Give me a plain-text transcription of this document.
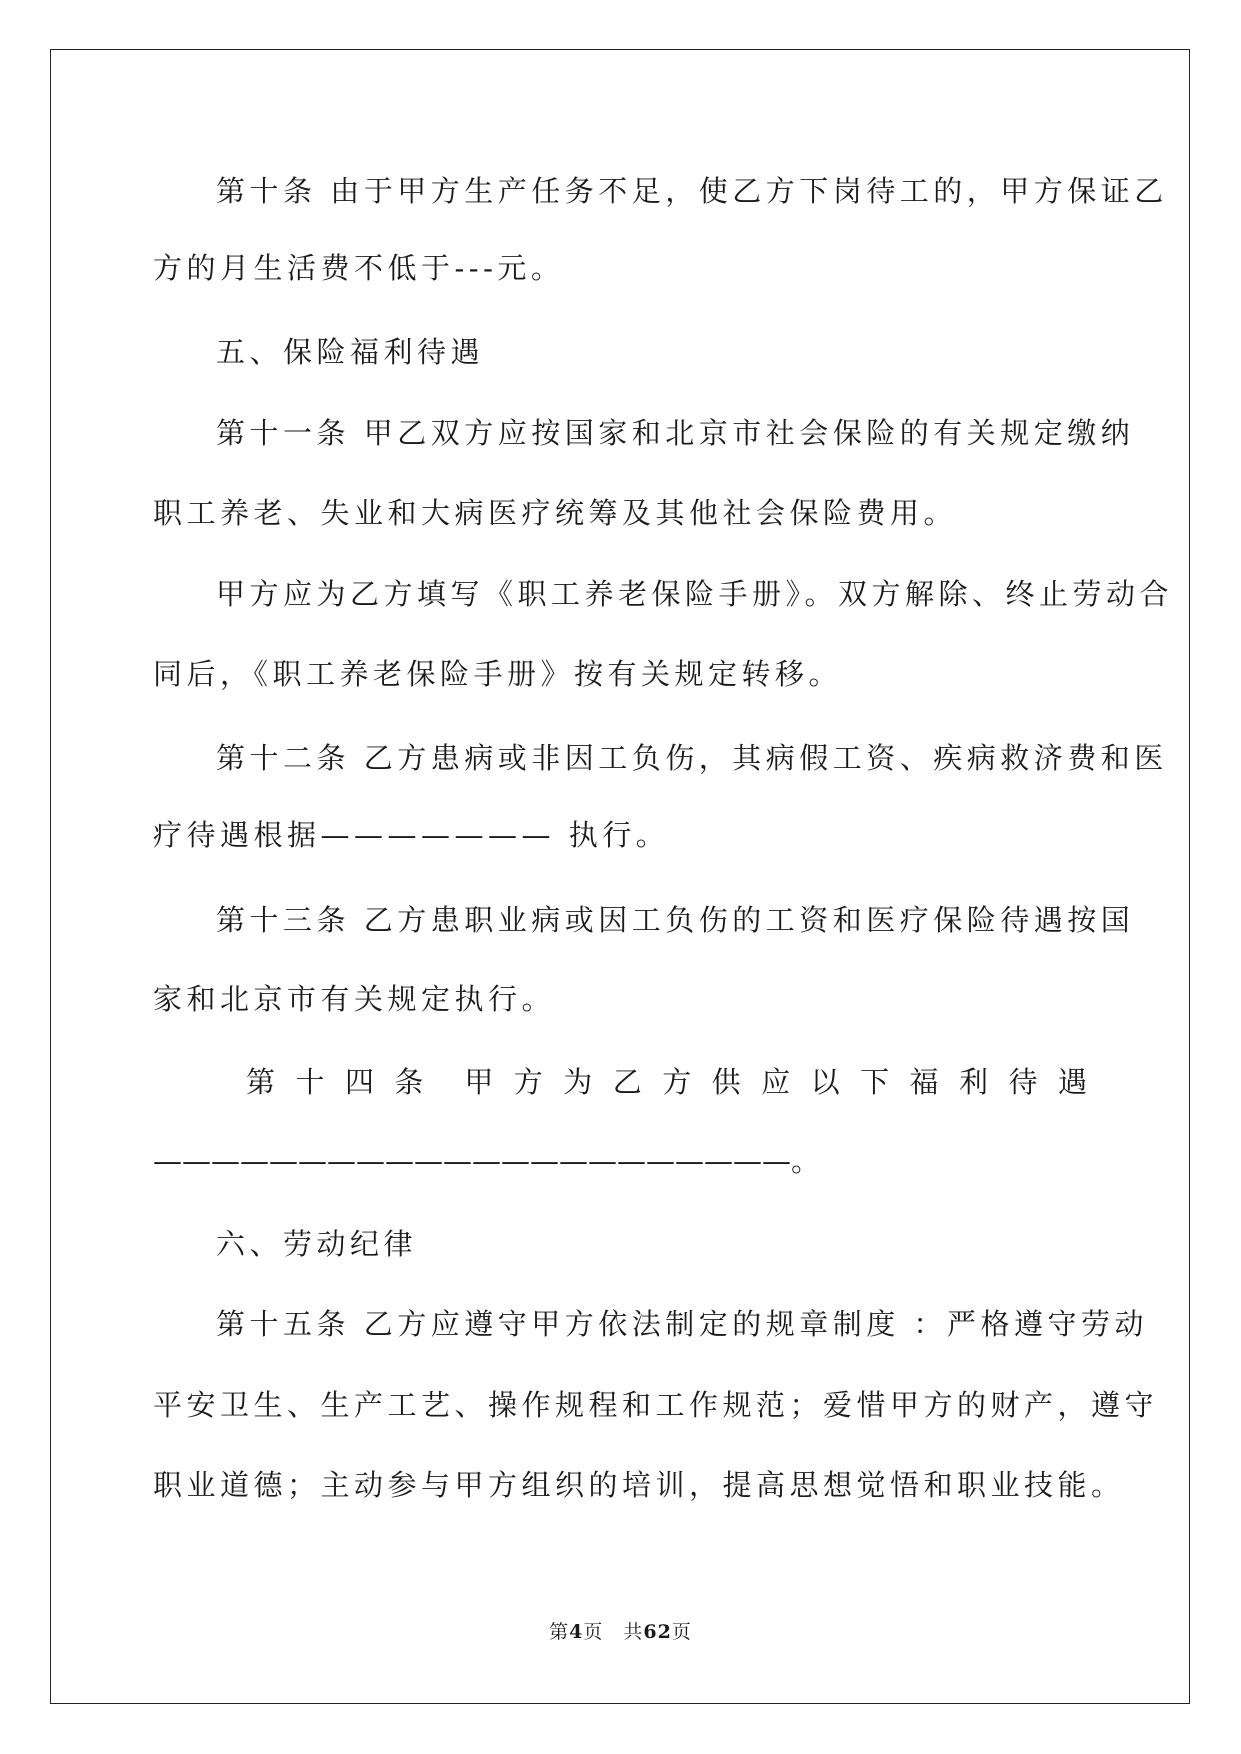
第十条 由于甲方生产任务不足，使乙方下岗待工的，甲方保证乙
方的月生活费不低于---元。
五、保险福利待遇
第十一条 甲乙双方应按国家和北京市社会保险的有关规定缴纳
职工养老、失业和大病医疗统筹及其他社会保险费用。
甲方应为乙方填写《职工养老保险手册》。双方解除、终止劳动合
同后，《职工养老保险手册》按有关规定转移。
第十二条 乙方患病或非因工负伤，其病假工资、疾病救济费和医
疗待遇根据——————— 执行。
第十三条 乙方患职业病或因工负伤的工资和医疗保险待遇按国
家和北京市有关规定执行。
第 十 四 条 甲 方 为 乙 方 供 应 以 下 福 利 待 遇
——————————————————————。
六、劳动纪律
第十五条 乙方应遵守甲方依法制定的规章制度 ：严格遵守劳动
平安卫生、生产工艺、操作规程和工作规范；爱惜甲方的财产，遵守
职业道德；主动参与甲方组织的培训，提高思想觉悟和职业技能。
第4页　共62页
